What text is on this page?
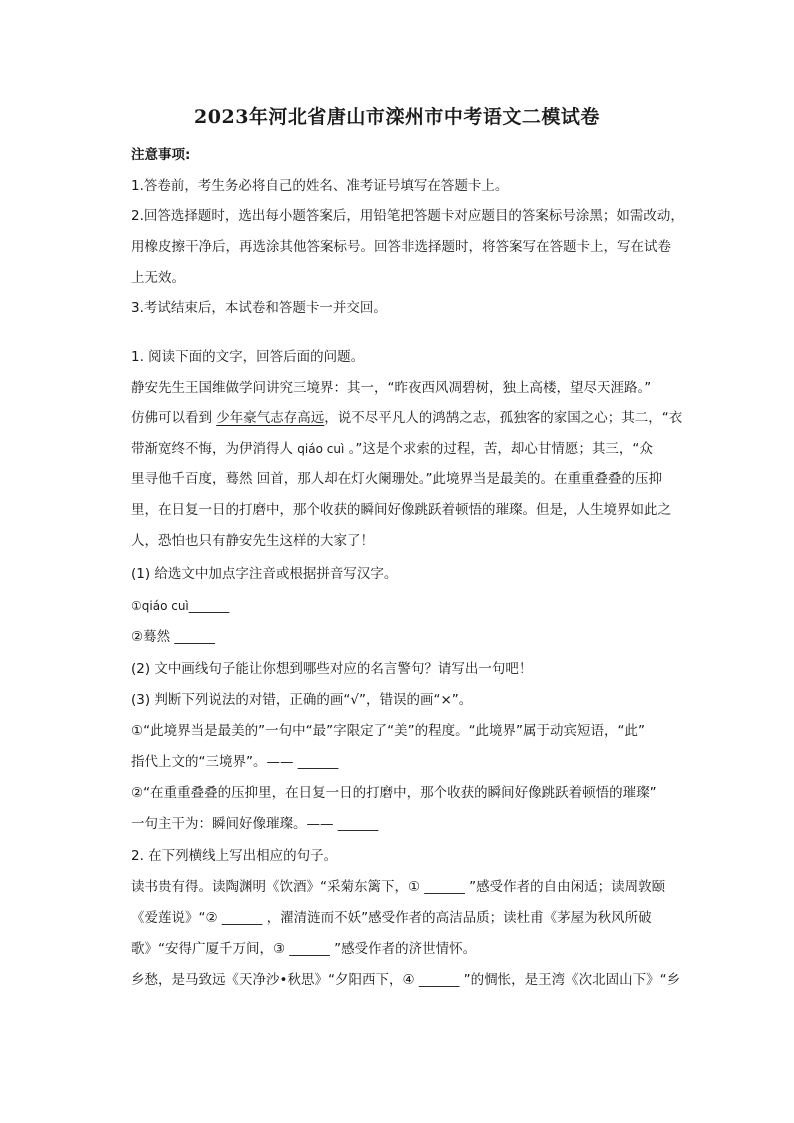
2023年河北省唐山市滦州市中考语文二模试卷
注意事项:
1.答卷前，考生务必将自己的姓名、准考证号填写在答题卡上。
2.回答选择题时，选出每小题答案后，用铅笔把答题卡对应题目的答案标号涂黑；如需改动，
用橡皮擦干净后，再选涂其他答案标号。回答非选择题时，将答案写在答题卡上，写在试卷
上无效。
3.考试结束后，本试卷和答题卡一并交回。
1. 阅读下面的文字，回答后面的问题。
静安先生王国维做学问讲究三境界：其一，“昨夜西风凋碧树，独上高楼，望尽天涯路。”
仿佛可以看到 少年豪气志存高远，说不尽平凡人的鸿鹄之志，孤独客的家国之心；其二，“衣
带渐宽终不悔，为伊消得人 qiáo cuì 。”这是个求索的过程，苦，却心甘情愿；其三，“众
里寻他千百度，蓦然 回首，那人却在灯火阑珊处。”此境界当是最美的。在重重叠叠的压抑
里，在日复一日的打磨中，那个收获的瞬间好像跳跃着顿悟的璀璨。但是，人生境界如此之
人，恐怕也只有静安先生这样的大家了！
(1) 给选文中加点字注音或根据拼音写汉字。
①qiáo cuì______
②蓦然 ______
(2) 文中画线句子能让你想到哪些对应的名言警句？请写出一句吧！
(3) 判断下列说法的对错，正确的画“√”，错误的画“×”。
①“此境界当是最美的”一句中“最”字限定了“美”的程度。“此境界”属于动宾短语，“此”
指代上文的“三境界”。—— ______
②“在重重叠叠的压抑里，在日复一日的打磨中，那个收获的瞬间好像跳跃着顿悟的璀璨”
一句主干为：瞬间好像璀璨。—— ______
2. 在下列横线上写出相应的句子。
读书贵有得。读陶渊明《饮酒》“采菊东篱下，① ______ ”感受作者的自由闲适；读周敦颐
《爱莲说》“② ______ ，濯清涟而不妖”感受作者的高洁品质；读杜甫《茅屋为秋风所破
歌》“安得广厦千万间，③ ______ ”感受作者的济世情怀。
乡愁，是马致远《天净沙•秋思》“夕阳西下，④ ______ ”的惆怅，是王湾《次北固山下》“乡
